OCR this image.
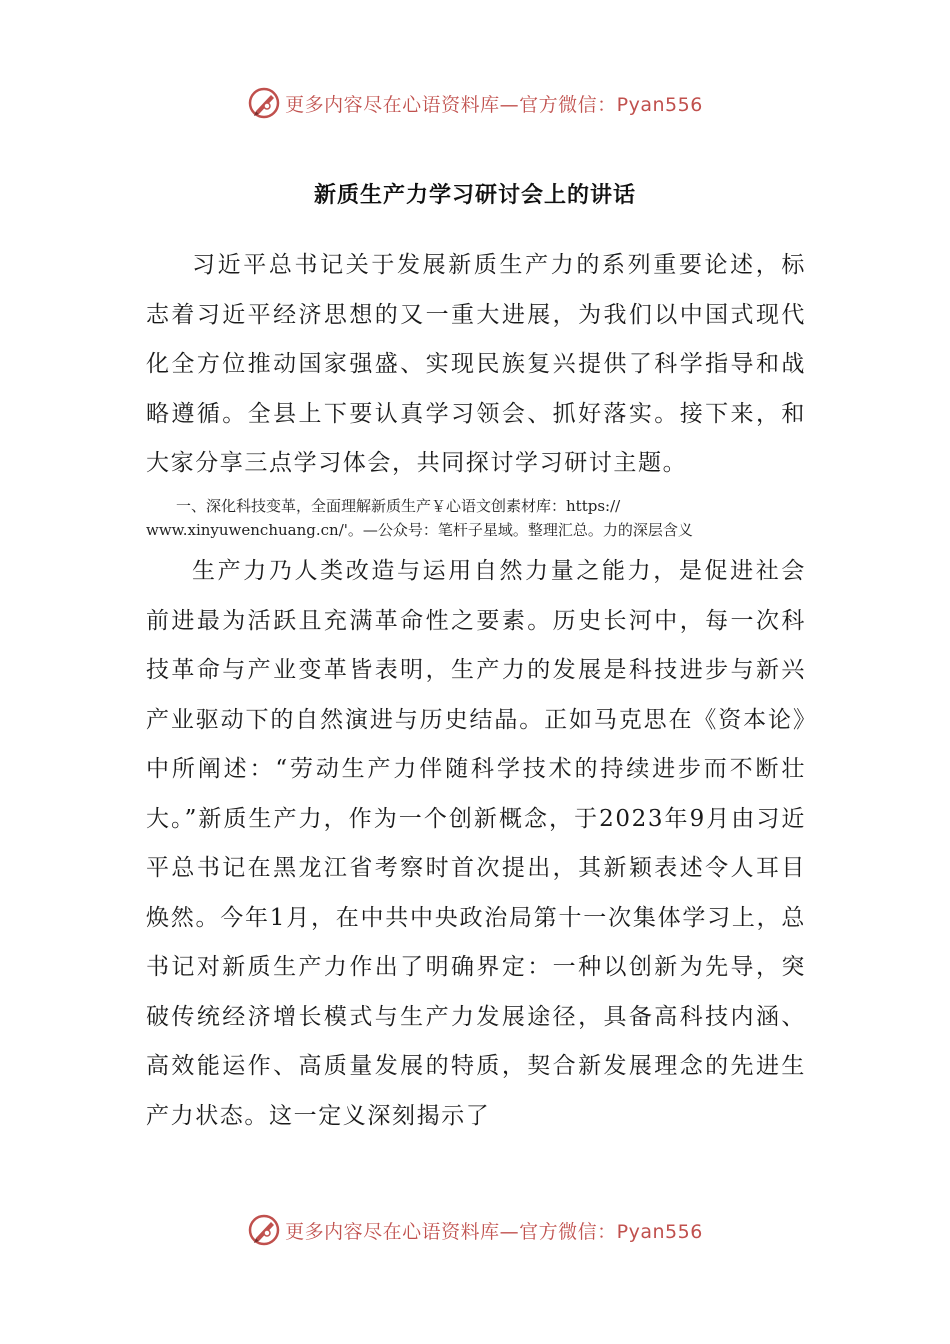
更多内容尽在心语资料库—官方微信：Pyan556
新质生产力学习研讨会上的讲话

习近平总书记关于发展新质生产力的系列重要论述，标志着习近平经济思想的又一重大进展，为我们以中国式现代化全方位推动国家强盛、实现民族复兴提供了科学指导和战略遵循。全县上下要认真学习领会、抓好落实。接下来，和大家分享三点学习体会，共同探讨学习研讨主题。

一、深化科技变革，全面理解新质生产￥心语文创素材库：https://
www.xinyuwenchuang.cn/'。—公众号：笔杆子星域。整理汇总。力的深层含义

生产力乃人类改造与运用自然力量之能力，是促进社会前进最为活跃且充满革命性之要素。历史长河中，每一次科技革命与产业变革皆表明，生产力的发展是科技进步与新兴产业驱动下的自然演进与历史结晶。正如马克思在《资本论》中所阐述：“劳动生产力伴随科学技术的持续进步而不断壮大。”新质生产力，作为一个创新概念，于2023年9月由习近平总书记在黑龙江省考察时首次提出，其新颖表述令人耳目焕然。今年1月，在中共中央政治局第十一次集体学习上，总书记对新质生产力作出了明确界定：一种以创新为先导，突破传统经济增长模式与生产力发展途径，具备高科技内涵、高效能运作、高质量发展的特质，契合新发展理念的先进生产力状态。这一定义深刻揭示了

更多内容尽在心语资料库—官方微信：Pyan556
